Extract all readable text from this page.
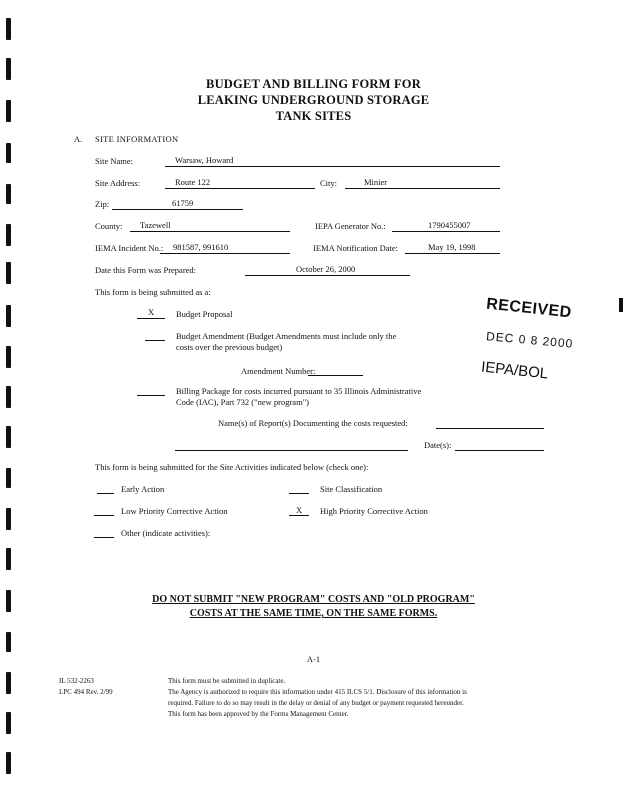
BUDGET AND BILLING FORM FOR
LEAKING UNDERGROUND STORAGE
TANK SITES
A. SITE INFORMATION
Site Name:	Warsaw, Howard
Site Address:	Route 122	City:	Minier
Zip:	61759
County: Tazewell	IEPA Generator No.:	1790455007
IEMA Incident No.: 981587, 991610	IEMA Notification Date:	May 19, 1998
Date this Form was Prepared:	October 26, 2000
This form is being submitted as a:
X	Budget Proposal
Budget Amendment (Budget Amendments must include only the
costs over the previous budget)
Amendment Number:
Billing Package for costs incurred pursuant to 35 Illinois Administrative
Code (IAC), Part 732 ("new program")
Name(s) of Report(s) Documenting the costs requested:
Date(s):
RECEIVED
DEC 0 8 2000
IEPA/BOL
This form is being submitted for the Site Activities indicated below (check one):
Early Action	Site Classification
Low Priority Corrective Action	X High Priority Corrective Action
Other (indicate activities):
DO NOT SUBMIT "NEW PROGRAM" COSTS AND "OLD PROGRAM"
COSTS AT THE SAME TIME, ON THE SAME FORMS.
A-1
IL 532-2263
LPC 494 Rev. 2/99
This form must be submitted in duplicate.
The Agency is authorized to require this information under 415 ILCS 5/1. Disclosure of this information is
required. Failure to do so may result in the delay or denial of any budget or payment requested hereunder.
This form has been approved by the Forms Management Center.
